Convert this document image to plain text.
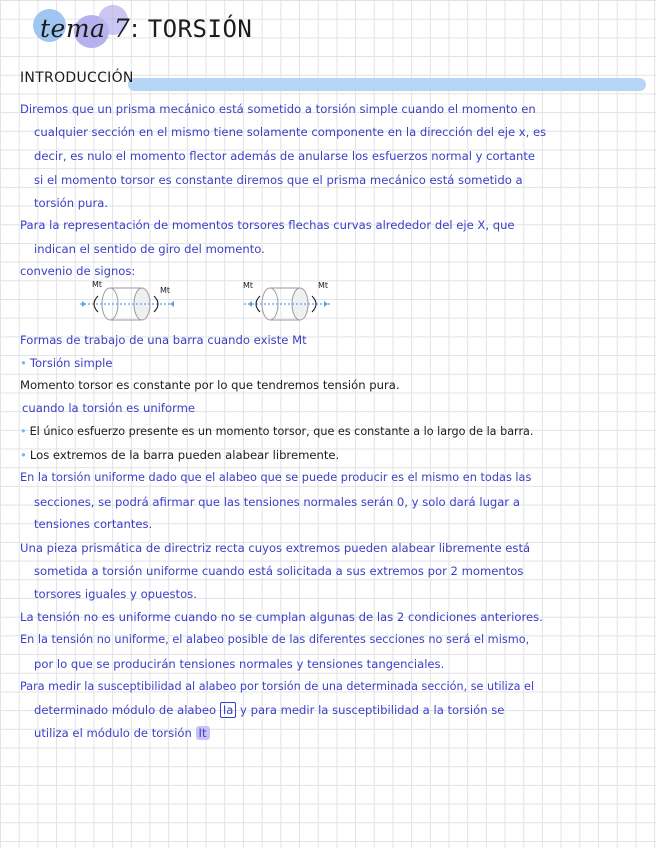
tema 7: TORSIÓN
INTRODUCCIÓN
Diremos que un prisma mecánico está sometido a torsión simple cuando el momento en
cualquier sección en el mismo tiene solamente componente en la dirección del eje x, es
decir, es nulo el momento flector además de anularse los esfuerzos normal y cortante
si el momento torsor es constante diremos que el prisma mecánico está sometido a
torsión pura.
Para la representación de momentos torsores flechas curvas alrededor del eje X, que
indican el sentido de giro del momento.
convenio de signos:
Mt
Mt
Mt	Mt
Formas de trabajo de una barra cuando existe Mt
• Torsión simple
Momento torsor es constante por lo que tendremos tensión pura.
cuando la torsión es uniforme
• El único esfuerzo presente es un momento torsor, que es constante a lo largo de la barra.
• Los extremos de la barra pueden alabear libremente.
En la torsión uniforme dado que el alabeo que se puede producir es el mismo en todas las
secciones, se podrá afirmar que las tensiones normales serán 0, y solo dará lugar a
tensiones cortantes.
Una pieza prismática de directriz recta cuyos extremos pueden alabear libremente está
sometida a torsión uniforme cuando está solicitada a sus extremos por 2 momentos
torsores iguales y opuestos.
La tensión no es uniforme cuando no se cumplan algunas de las 2 condiciones anteriores.
En la tensión no uniforme, el alabeo posible de las diferentes secciones no será el mismo,
por lo que se producirán tensiones normales y tensiones tangenciales.
Para medir la susceptibilidad al alabeo por torsión de una determinada sección, se utiliza el
determinado módulo de alabeo Ia y para medir la susceptibilidad a la torsión se
utiliza el módulo de torsión It
